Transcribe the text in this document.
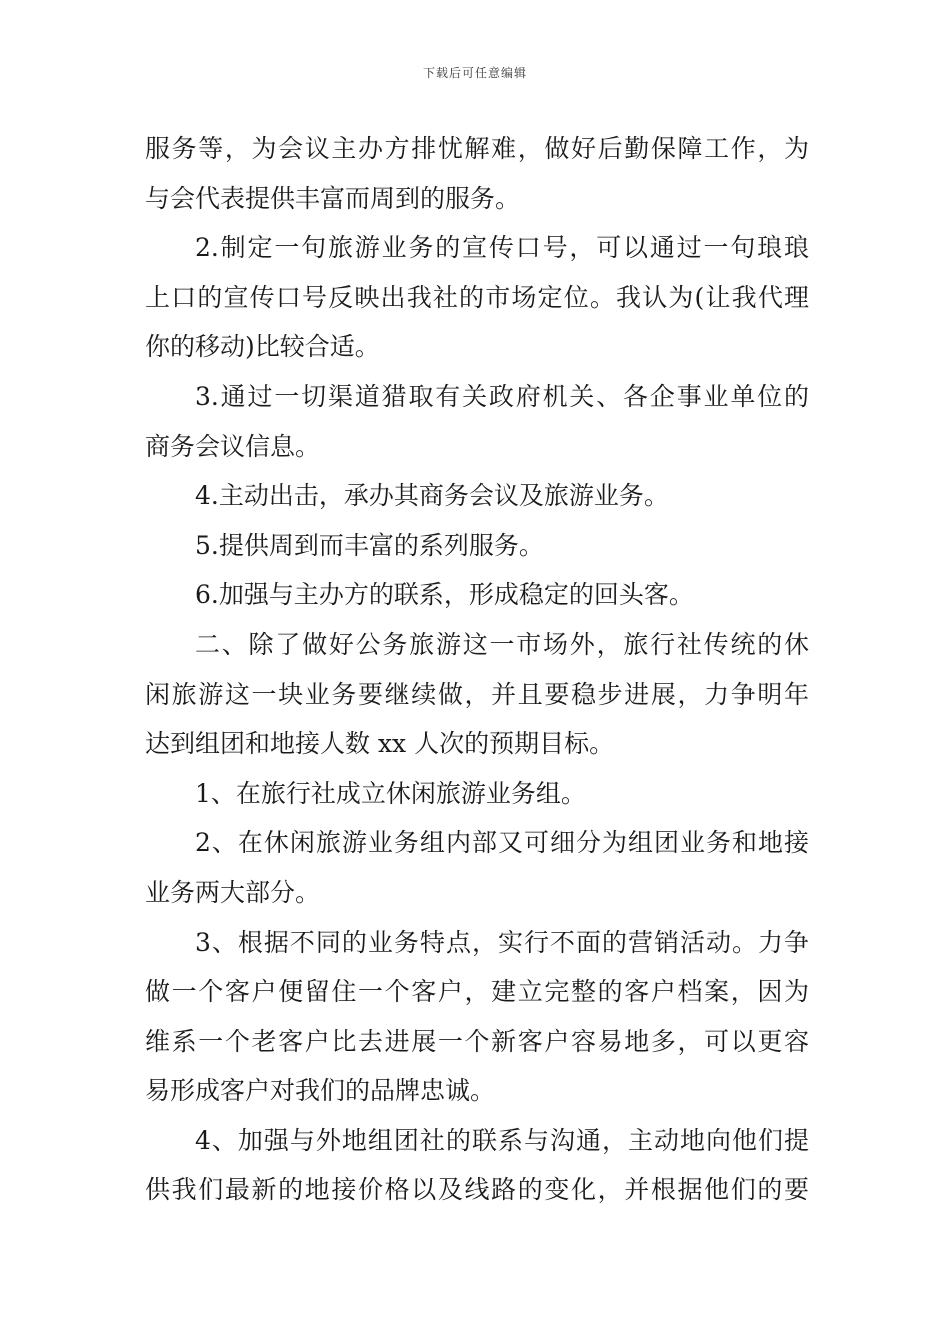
下载后可任意编辑
服务等，为会议主办方排忧解难，做好后勤保障工作，为
与会代表提供丰富而周到的服务。
2.制定一句旅游业务的宣传口号，可以通过一句琅琅
上口的宣传口号反映出我社的市场定位。我认为(让我代理
你的移动)比较合适。
3.通过一切渠道猎取有关政府机关、各企事业单位的
商务会议信息。
4.主动出击，承办其商务会议及旅游业务。
5.提供周到而丰富的系列服务。
6.加强与主办方的联系，形成稳定的回头客。
二、除了做好公务旅游这一市场外，旅行社传统的休
闲旅游这一块业务要继续做，并且要稳步进展，力争明年
达到组团和地接人数 xx 人次的预期目标。
1、在旅行社成立休闲旅游业务组。
2、在休闲旅游业务组内部又可细分为组团业务和地接
业务两大部分。
3、根据不同的业务特点，实行不面的营销活动。力争
做一个客户便留住一个客户，建立完整的客户档案，因为
维系一个老客户比去进展一个新客户容易地多，可以更容
易形成客户对我们的品牌忠诚。
4、加强与外地组团社的联系与沟通，主动地向他们提
供我们最新的地接价格以及线路的变化，并根据他们的要
